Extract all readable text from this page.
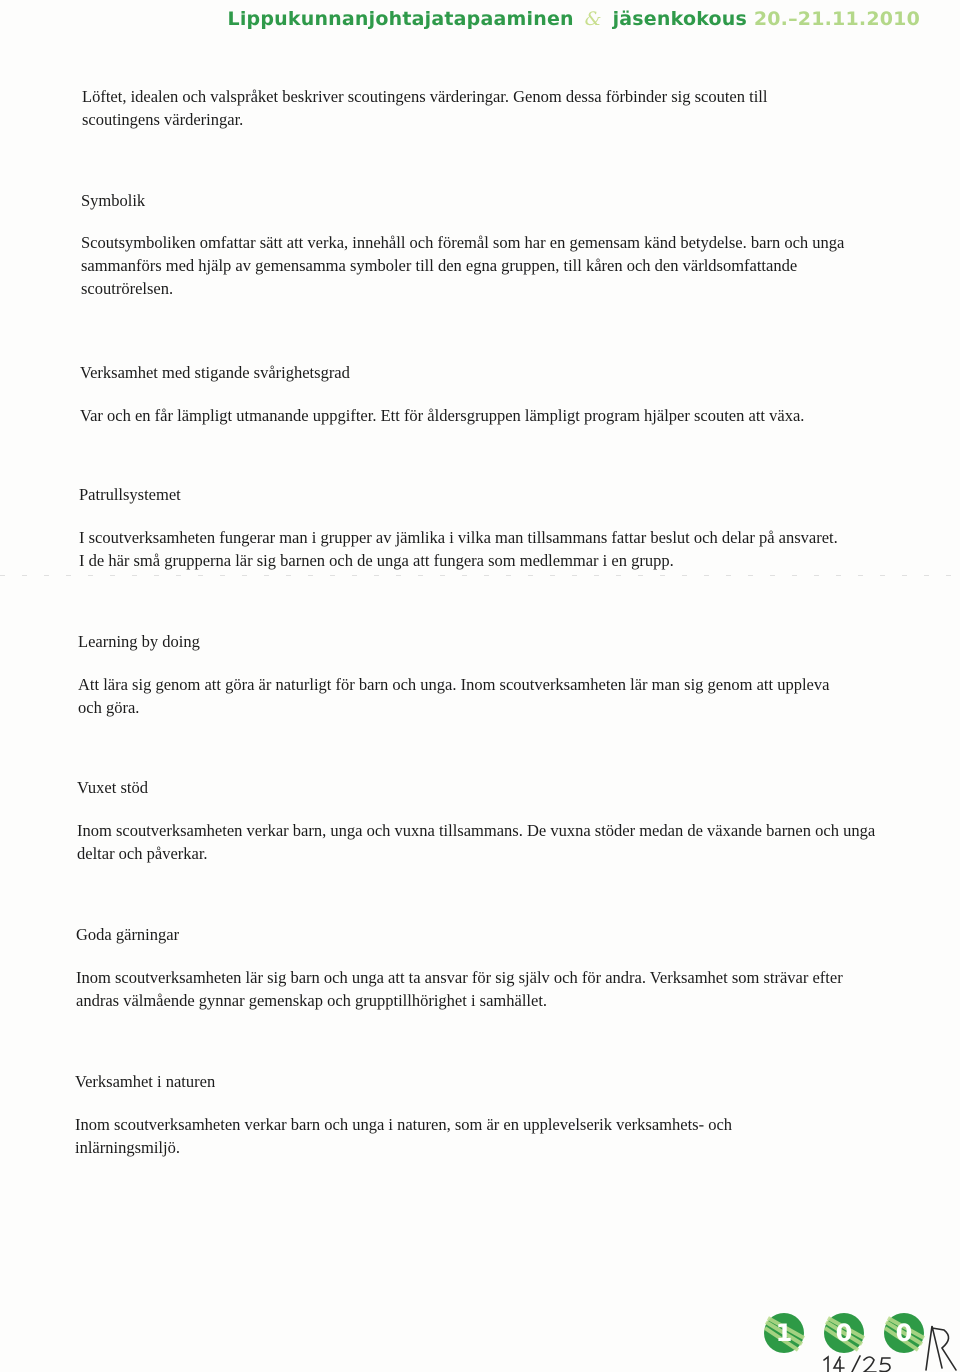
Lippukunnanjohtajatapaaminen & jäsenkokous 20.–21.11.2010

Löftet, idealen och valspråket beskriver scoutingens värderingar. Genom dessa förbinder sig scouten till scoutingens värderingar.

Symbolik

Scoutsymboliken omfattar sätt att verka, innehåll och föremål som har en gemensam känd betydelse. barn och unga sammanförs med hjälp av gemensamma symboler till den egna gruppen, till kåren och den världsomfattande scoutrörelsen.

Verksamhet med stigande svårighetsgrad

Var och en får lämpligt utmanande uppgifter. Ett för åldersgruppen lämpligt program hjälper scouten att växa.

Patrullsystemet

I scoutverksamheten fungerar man i grupper av jämlika i vilka man tillsammans fattar beslut och delar på ansvaret. I de här små grupperna lär sig barnen och de unga att fungera som medlemmar i en grupp.

Learning by doing

Att lära sig genom att göra är naturligt för barn och unga. Inom scoutverksamheten lär man sig genom att uppleva och göra.

Vuxet stöd

Inom scoutverksamheten verkar barn, unga och vuxna tillsammans. De vuxna stöder medan de växande barnen och unga deltar och påverkar.

Goda gärningar

Inom scoutverksamheten lär sig barn och unga att ta ansvar för sig själv och för andra. Verksamhet som strävar efter andras välmående gynnar gemenskap och grupptillhörighet i samhället.

Verksamhet i naturen

Inom scoutverksamheten verkar barn och unga i naturen, som är en upplevelserik verksamhets- och inlärningsmiljö.

1 0 0
